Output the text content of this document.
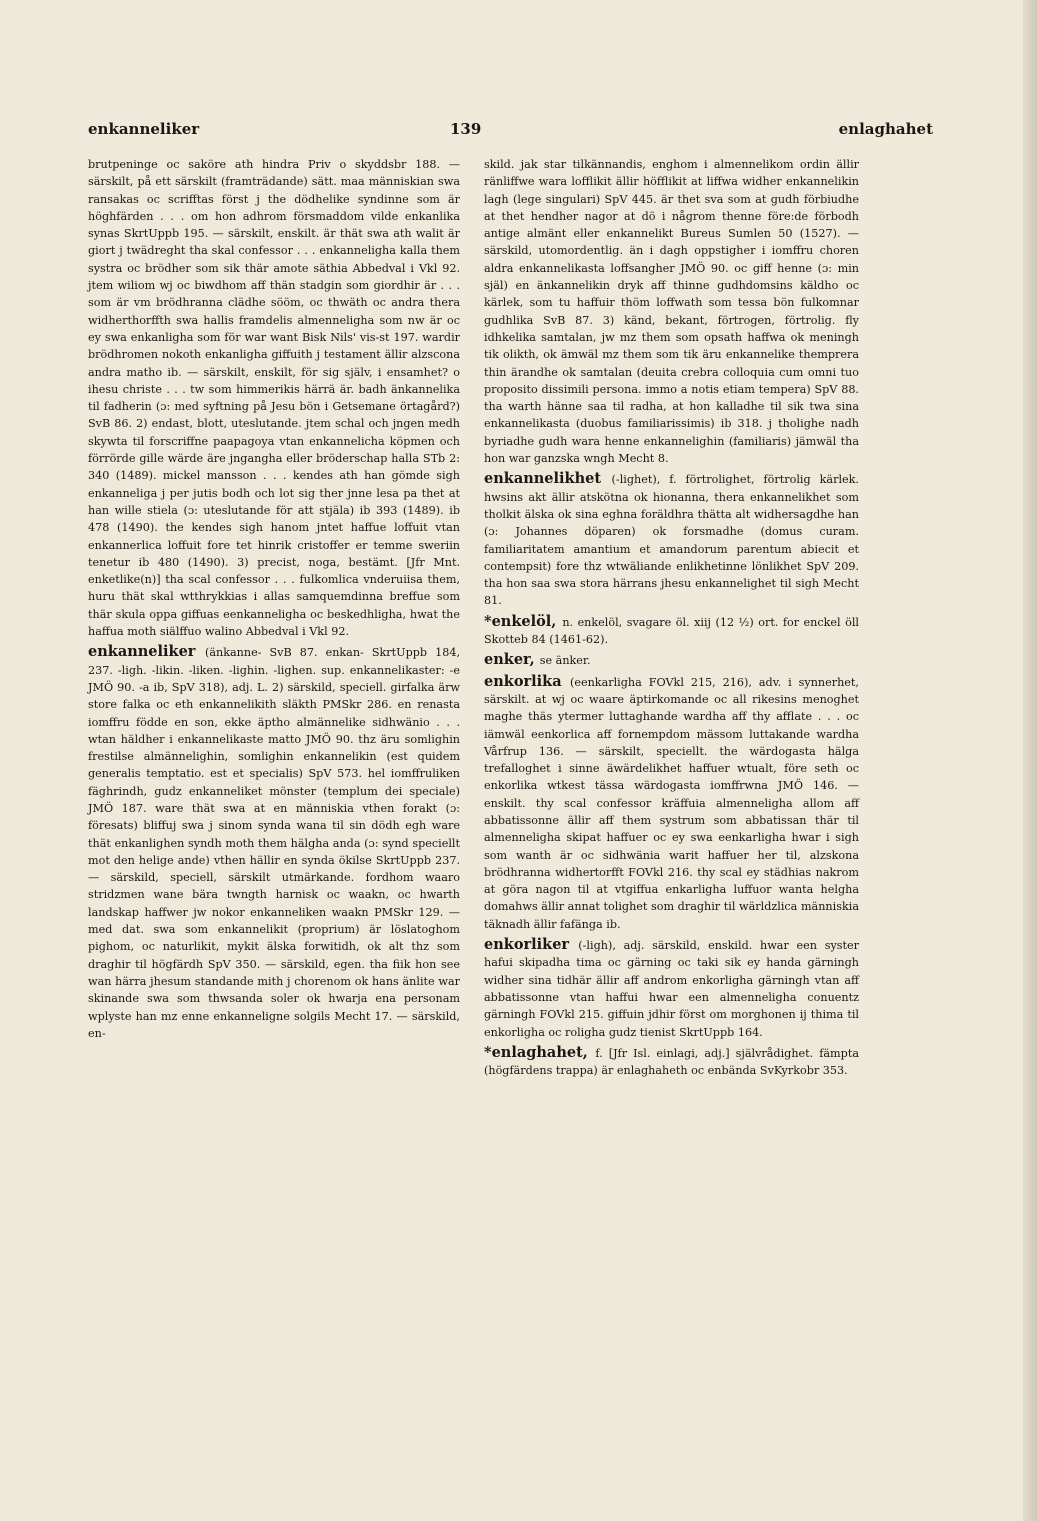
enkanneliker	139	enlaghahet

brutpeninge oc saköre ath hindra Priv o skyddsbr 188. — särskilt, på ett särskilt (framträdande) sätt. maa människian swa ransakas oc scrifftas först j the dödhelike syndinne som är höghfärden . . . om hon adhrom försmaddom vilde enkanlika synas SkrtUppb 195. — särskilt, enskilt. är thät swa ath walit är giort j twädreght tha skal confessor . . . enkanneligha kalla them systra oc brödher som sik thär amote säthia Abbedval i Vkl 92. jtem wiliom wj oc biwdhom aff thän stadgin som giordhir är . . . som är vm brödhranna clädhe sööm, oc thwäth oc andra thera widherthorffth swa hallis framdelis almenneligha som nw är oc ey swa enkanligha som för war want Bisk Nils' vis-st 197. wardir brödhromen nokoth enkanligha giffuith j testament ällir alzscona andra matho ib. — särskilt, enskilt, för sig själv, i ensamhet? o ihesu christe . . . tw som himmerikis härrä är. badh änkannelika til fadherin (ɔ: med syftning på Jesu bön i Getsemane örtagård?) SvB 86. 2) endast, blott, uteslutande. jtem schal och jngen medh skywta til forscriffne paapagoya vtan enkannelicha köpmen och förrörde gille wärde äre jngangha eller bröderschap halla STb 2: 340 (1489). mickel mansson . . . kendes ath han gömde sigh enkanneliga j per jutis bodh och lot sig ther jnne lesa pa thet at han wille stiela (ɔ: uteslutande för att stjäla) ib 393 (1489). ib 478 (1490). the kendes sigh hanom jntet haffue loffuit vtan enkannerlica loffuit fore tet hinrik cristoffer er temme sweriin tenetur ib 480 (1490). 3) precist, noga, bestämt. [Jfr Mnt. enketlike(n)] tha scal confessor . . . fulkomlica vnderuiisa them, huru thät skal wtthrykkias i allas samquemdinna breffue som thär skula oppa giffuas eenkanneligha oc beskedhligha, hwat the haffua moth siälffuo walino Abbedval i Vkl 92.

enkanneliker (änkanne- SvB 87. enkan- SkrtUppb 184, 237. -ligh. -likin. -liken. -lighin. -lighen. sup. enkannelikaster: -e JMÖ 90. -a ib, SpV 318), adj. L. 2) särskild, speciell. girfalka ärw store falka oc eth enkannelikith släkth PMSkr 286. en renasta iomffru födde en son, ekke äptho almännelike sidhwänio . . . wtan häldher i enkannelikaste matto JMÖ 90. thz äru somlighin frestilse almännelighin, somlighin enkannelikin (est quidem generalis temptatio. est et specialis) SpV 573. hel iomffruliken fäghrindh, gudz enkanneliket mönster (templum dei speciale) JMÖ 187. ware thät swa at en människia vthen forakt (ɔ: föresats) bliffuj swa j sinom synda wana til sin dödh egh ware thät enkanlighen syndh moth them hälgha anda (ɔ: synd speciellt mot den helige ande) vthen hällir en synda ökilse SkrtUppb 237. — särskild, speciell, särskilt utmärkande. fordhom waaro stridzmen wane bära twngth harnisk oc waakn, oc hwarth landskap haffwer jw nokor enkanneliken waakn PMSkr 129. — med dat. swa som enkannelikit (proprium) är löslatoghom pighom, oc naturlikit, mykit älska forwitidh, ok alt thz som draghir til högfärdh SpV 350. — särskild, egen. tha fiik hon see wan härra jhesum standande mith j chorenom ok hans änlite war skinande swa som thwsanda soler ok hwarja ena personam wplyste han mz enne enkanneligne solgils Mecht 17. — särskild, en-

skild. jak star tilkännandis, enghom i almennelikom ordin ällir ränliffwe wara lofflikit ällir höfflikit at liffwa widher enkannelikin lagh (lege singulari) SpV 445. är thet sva som at gudh förbiudhe at thet hendher nagor at dö i någrom thenne före:de förbodh antige almänt eller enkannelikt Bureus Sumlen 50 (1527). — särskild, utomordentlig. än i dagh oppstigher i iomffru choren aldra enkannelikasta loffsangher JMÖ 90. oc giff henne (ɔ: min själ) en änkannelikin dryk aff thinne gudhdomsins käldho oc kärlek, som tu haffuir thöm loffwath som tessa bön fulkomnar gudhlika SvB 87. 3) känd, bekant, förtrogen, förtrolig. fly idhkelika samtalan, jw mz them som opsath haffwa ok meningh tik olikth, ok ämwäl mz them som tik äru enkannelike themprera thin ärandhe ok samtalan (deuita crebra colloquia cum omni tuo proposito dissimili persona. immo a notis etiam tempera) SpV 88. tha warth hänne saa til radha, at hon kalladhe til sik twa sina enkannelikasta (duobus familiarissimis) ib 318. j tholighe nadh byriadhe gudh wara henne enkannelighin (familiaris) jämwäl tha hon war ganzska wngh Mecht 8.

enkannelikhet (-lighet), f. förtrolighet, förtrolig kärlek. hwsins akt ällir atskötna ok hionanna, thera enkannelikhet som tholkit älska ok sina eghna foräldhra thätta alt widhersagdhe han (ɔ: Johannes döparen) ok forsmadhe (domus curam. familiaritatem amantium et amandorum parentum abiecit et contempsit) fore thz wtwäliande enlikhetinne lönlikhet SpV 209. tha hon saa swa stora härrans jhesu enkannelighet til sigh Mecht 81.

*enkelöl, n. enkelöl, svagare öl. xiij (12 ½) ort. for enckel öll Skotteb 84 (1461-62).

enker, se änker.

enkorlika (eenkarligha FOVkl 215, 216), adv. i synnerhet, särskilt. at wj oc waare äptirkomande oc all rikesins menoghet maghe thäs ytermer luttaghande wardha aff thy afflate . . . oc iämwäl eenkorlica aff fornempdom mässom luttakande wardha Vårfrup 136. — särskilt, speciellt. the wärdogasta hälga trefalloghet i sinne äwärdelikhet haffuer wtualt, före seth oc enkorlika wtkest tässa wärdogasta iomffrwna JMÖ 146. — enskilt. thy scal confessor kräffuia almenneligha allom aff abbatissonne ällir aff them systrum som abbatissan thär til almenneligha skipat haffuer oc ey swa eenkarligha hwar i sigh som wanth är oc sidhwänia warit haffuer her til, alzskona brödhranna widhertorfft FOVkl 216. thy scal ey städhias nakrom at göra nagon til at vtgiffua enkarligha luffuor wanta helgha domahws ällir annat tolighet som draghir til wärldzlica människia täknadh ällir fafänga ib.

enkorliker (-ligh), adj. särskild, enskild. hwar een syster hafui skipadha tima oc gärning oc taki sik ey handa gärningh widher sina tidhär ällir aff androm enkorligha gärningh vtan aff abbatissonne vtan haffui hwar een almenneligha conuentz gärningh FOVkl 215. giffuin jdhir först om morghonen ij thima til enkorligha oc roligha gudz tienist SkrtUppb 164.

*enlaghahet, f. [Jfr Isl. einlagi, adj.] självrådighet. fämpta (högfärdens trappa) är enlaghaheth oc enbända SvKyrkobr 353.
